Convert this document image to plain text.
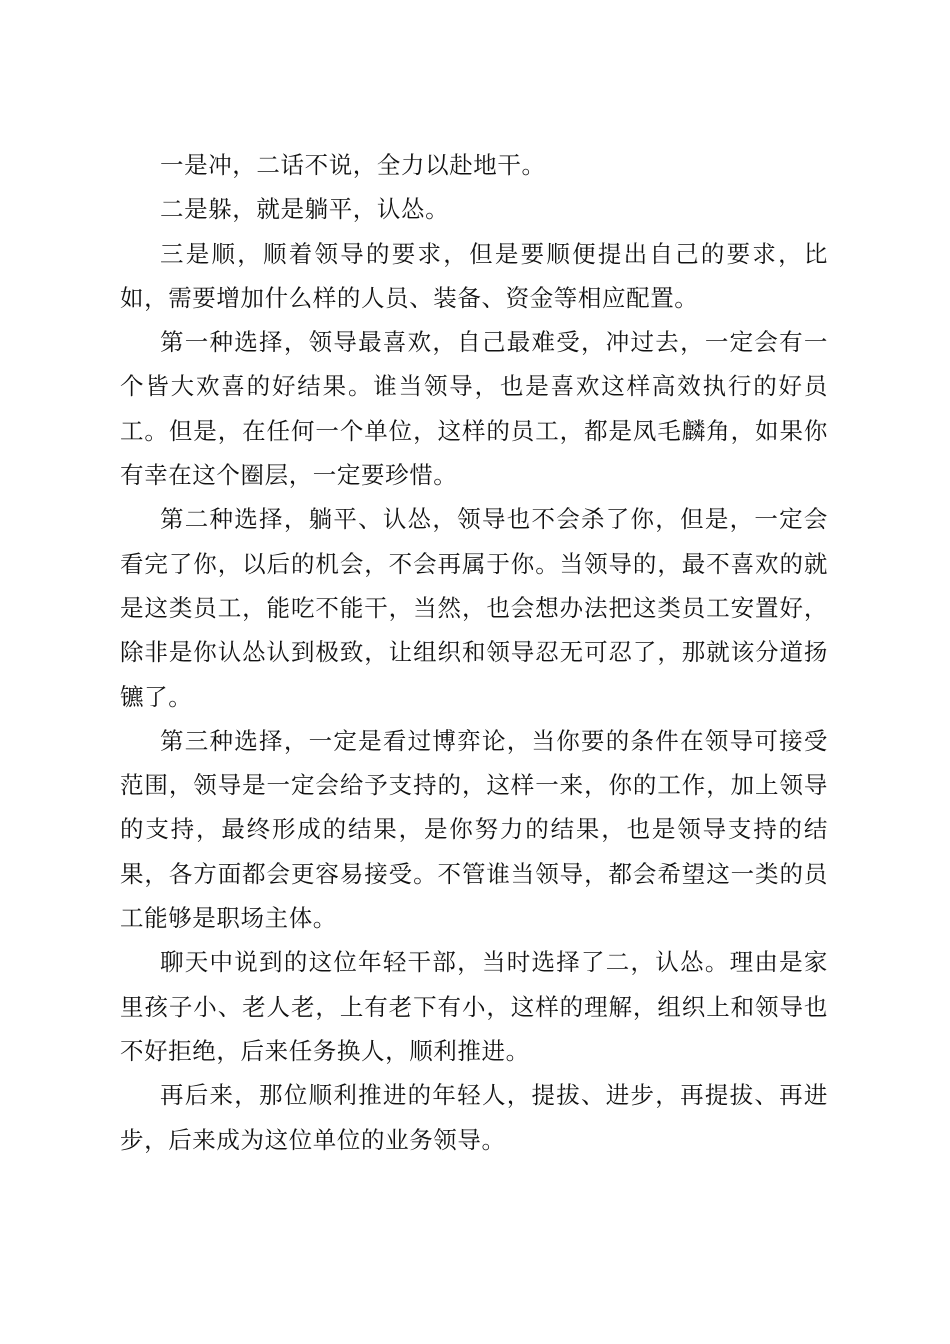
一是冲，二话不说，全力以赴地干。

二是躲，就是躺平，认怂。

三是顺，顺着领导的要求，但是要顺便提出自己的要求，比如，需要增加什么样的人员、装备、资金等相应配置。

第一种选择，领导最喜欢，自己最难受，冲过去，一定会有一个皆大欢喜的好结果。谁当领导，也是喜欢这样高效执行的好员工。但是，在任何一个单位，这样的员工，都是凤毛麟角，如果你有幸在这个圈层，一定要珍惜。

第二种选择，躺平、认怂，领导也不会杀了你，但是，一定会看完了你，以后的机会，不会再属于你。当领导的，最不喜欢的就是这类员工，能吃不能干，当然，也会想办法把这类员工安置好，除非是你认怂认到极致，让组织和领导忍无可忍了，那就该分道扬镳了。

第三种选择，一定是看过博弈论，当你要的条件在领导可接受范围，领导是一定会给予支持的，这样一来，你的工作，加上领导的支持，最终形成的结果，是你努力的结果，也是领导支持的结果，各方面都会更容易接受。不管谁当领导，都会希望这一类的员工能够是职场主体。

聊天中说到的这位年轻干部，当时选择了二，认怂。理由是家里孩子小、老人老，上有老下有小，这样的理解，组织上和领导也不好拒绝，后来任务换人，顺利推进。

再后来，那位顺利推进的年轻人，提拔、进步，再提拔、再进步，后来成为这位单位的业务领导。
